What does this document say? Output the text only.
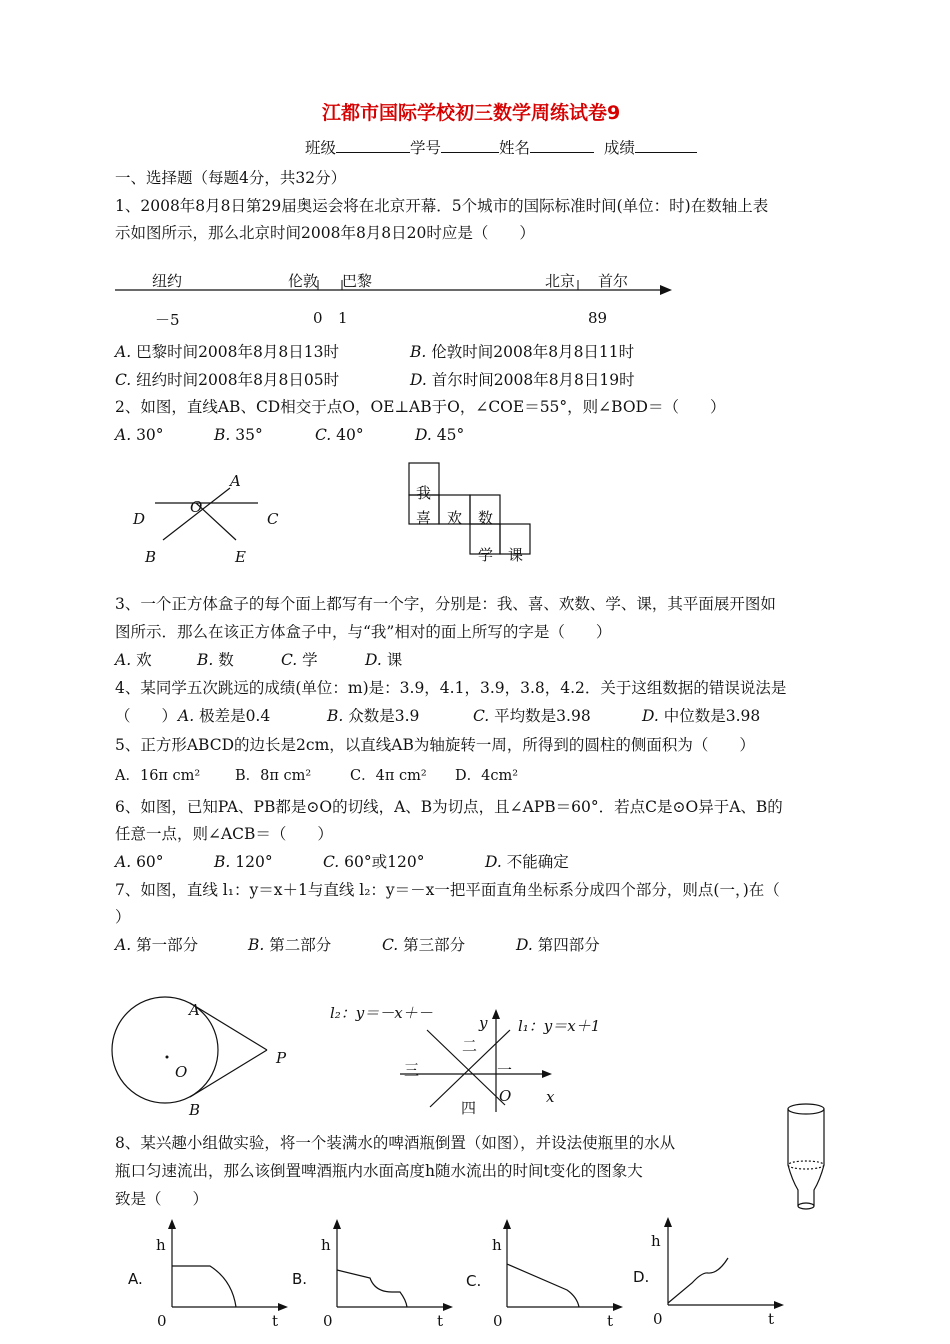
江都市国际学校初三数学周练试卷9
班级	学号	姓名	成绩
一、选择题（每题4分，共32分）
1、2008年8月8日第29届奥运会将在北京开幕．5个城市的国际标准时间(单位：时)在数轴上表
示如图所示，那么北京时间2008年8月8日20时应是（　　）
纽约	伦敦 巴黎	北京 首尔
－5	0 1	89
A. 巴黎时间2008年8月8日13时	B. 伦敦时间2008年8月8日11时
C. 纽约时间2008年8月8日05时	D. 首尔时间2008年8月8日19时
2、如图，直线AB、CD相交于点O，OE⊥AB于O，∠COE＝55°，则∠BOD＝（　　）
A. 30°	B. 35°	C. 40°	D. 45°
A
O
D	C
B	E
我
喜 欢 数
学 课
3、一个正方体盒子的每个面上都写有一个字，分别是：我、喜、欢数、学、课，其平面展开图如
图所示．那么在该正方体盒子中，与“我”相对的面上所写的字是（　　）
A. 欢	B. 数	C. 学	D. 课
4、某同学五次跳远的成绩(单位：m)是：3.9，4.1，3.9，3.8，4.2．关于这组数据的错误说法是
（　　） A. 极差是0.4	B. 众数是3.9	C. 平均数是3.98	D. 中位数是3.98
5、正方形ABCD的边长是2cm，以直线AB为轴旋转一周，所得到的圆柱的侧面积为（　　）
A．16π cm² B．8π cm²	C．4π cm² D．4cm²
6、如图，已知PA、PB都是⊙O的切线，A、B为切点，且∠APB＝60°．若点C是⊙O异于A、B的
任意一点，则∠ACB＝（　　）
A. 60°	B. 120°	C. 60°或120°	D. 不能确定
7、如图，直线 l₁：y＝x＋1与直线 l₂：y＝－x一把平面直角坐标系分成四个部分，则点(一，)在（
）
A. 第一部分	B. 第二部分	C. 第三部分	D. 第四部分
A
O
P
B
l₂：y＝－x＋－
l₁：y＝x＋1
y
x
O
一
二
三
四
8、某兴趣小组做实验，将一个装满水的啤酒瓶倒置（如图），并设法使瓶里的水从
瓶口匀速流出，那么该倒置啤酒瓶内水面高度h随水流出的时间t变化的图象大
致是（　　）
A.
h
0	t
B.
h
0	t
C.
h
0	t
D.
h
0	t
